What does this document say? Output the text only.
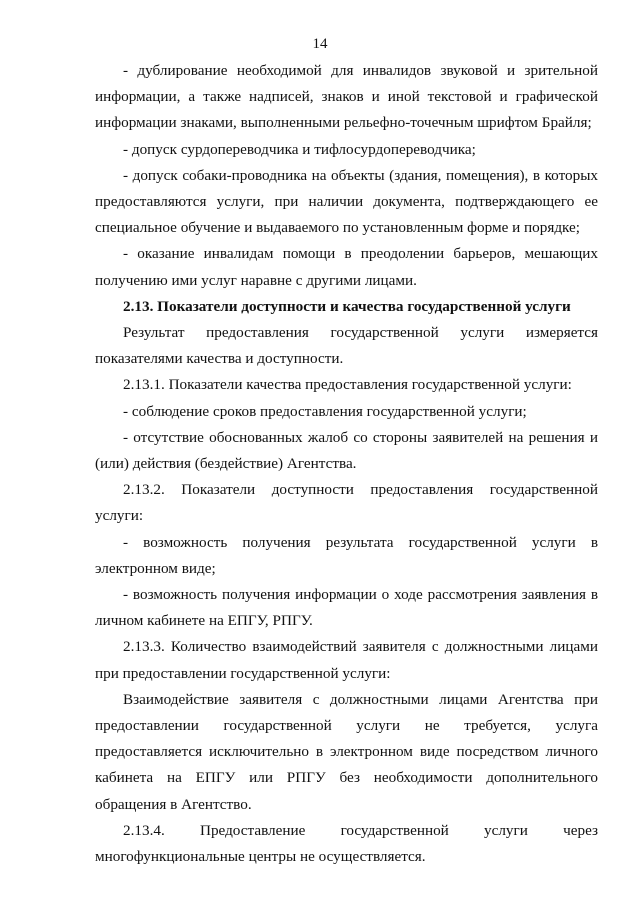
14

- дублирование необходимой для инвалидов звуковой и зрительной информации, а также надписей, знаков и иной текстовой и графической информации знаками, выполненными рельефно-точечным шрифтом Брайля;

- допуск сурдопереводчика и тифлосурдопереводчика;

- допуск собаки-проводника на объекты (здания, помещения), в которых предоставляются услуги, при наличии документа, подтверждающего ее специальное обучение и выдаваемого по установленным форме и порядке;

- оказание инвалидам помощи в преодолении барьеров, мешающих получению ими услуг наравне с другими лицами.

2.13. Показатели доступности и качества государственной услуги

Результат предоставления государственной услуги измеряется показателями качества и доступности.

2.13.1. Показатели качества предоставления государственной услуги:

- соблюдение сроков предоставления государственной услуги;

- отсутствие обоснованных жалоб со стороны заявителей на решения и (или) действия (бездействие) Агентства.

2.13.2. Показатели доступности предоставления государственной услуги:

- возможность получения результата государственной услуги в электронном виде;

- возможность получения информации о ходе рассмотрения заявления в личном кабинете на ЕПГУ, РПГУ.

2.13.3. Количество взаимодействий заявителя с должностными лицами при предоставлении государственной услуги:

Взаимодействие заявителя с должностными лицами Агентства при предоставлении государственной услуги не требуется, услуга предоставляется исключительно в электронном виде посредством личного кабинета на ЕПГУ или РПГУ без необходимости дополнительного обращения в Агентство.

2.13.4. Предоставление государственной услуги через многофункциональные центры не осуществляется.
